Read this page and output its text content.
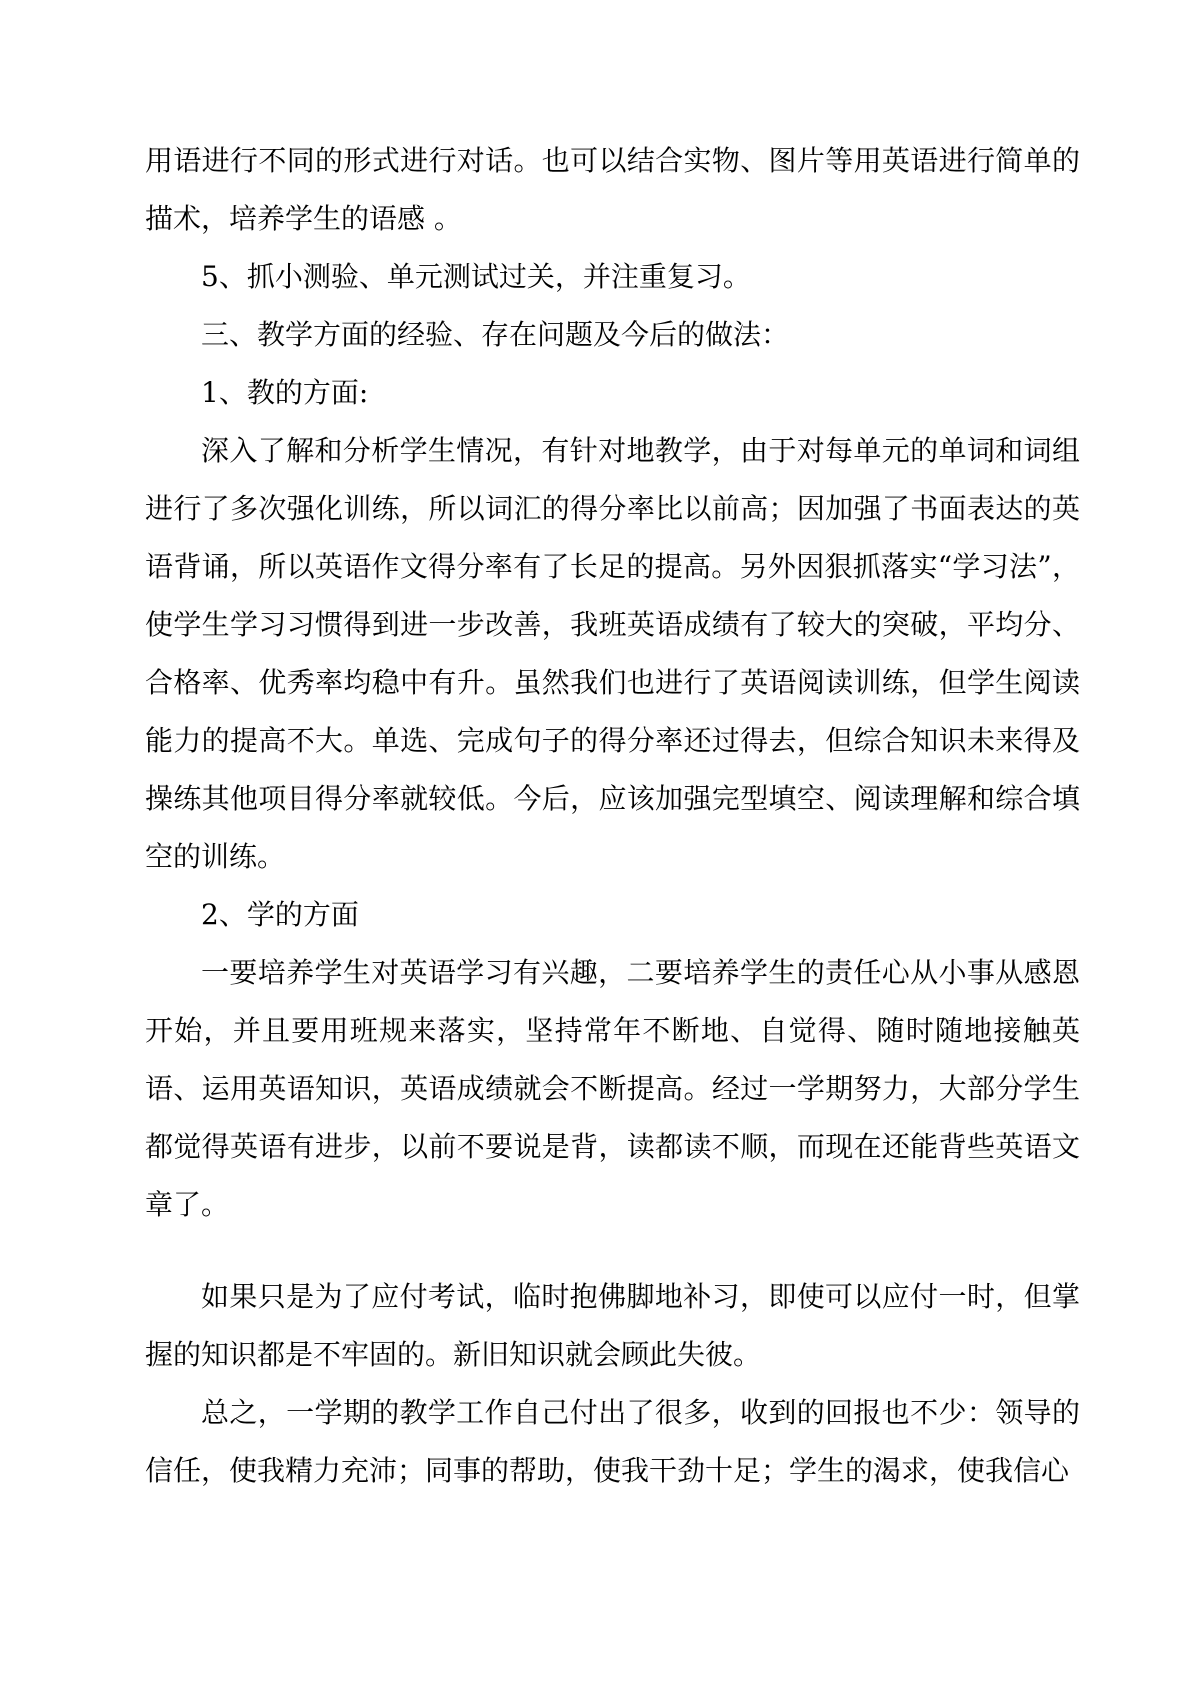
用语进行不同的形式进行对话。也可以结合实物、图片等用英语进行简单的描术，培养学生的语感 。

5、抓小测验、单元测试过关，并注重复习。

三、教学方面的经验、存在问题及今后的做法：

1、教的方面:

深入了解和分析学生情况，有针对地教学，由于对每单元的单词和词组进行了多次强化训练，所以词汇的得分率比以前高；因加强了书面表达的英语背诵，所以英语作文得分率有了长足的提高。另外因狠抓落实“学习法”，使学生学习习惯得到进一步改善，我班英语成绩有了较大的突破，平均分、合格率、优秀率均稳中有升。虽然我们也进行了英语阅读训练，但学生阅读能力的提高不大。单选、完成句子的得分率还过得去，但综合知识未来得及操练其他项目得分率就较低。今后，应该加强完型填空、阅读理解和综合填空的训练。

2、学的方面

一要培养学生对英语学习有兴趣，二要培养学生的责任心从小事从感恩开始，并且要用班规来落实，坚持常年不断地、自觉得、随时随地接触英语、运用英语知识，英语成绩就会不断提高。经过一学期努力，大部分学生都觉得英语有进步，以前不要说是背，读都读不顺，而现在还能背些英语文章了。

如果只是为了应付考试，临时抱佛脚地补习，即使可以应付一时，但掌握的知识都是不牢固的。新旧知识就会顾此失彼。

总之，一学期的教学工作自己付出了很多，收到的回报也不少：领导的信任，使我精力充沛；同事的帮助，使我干劲十足；学生的渴求，使我信心
